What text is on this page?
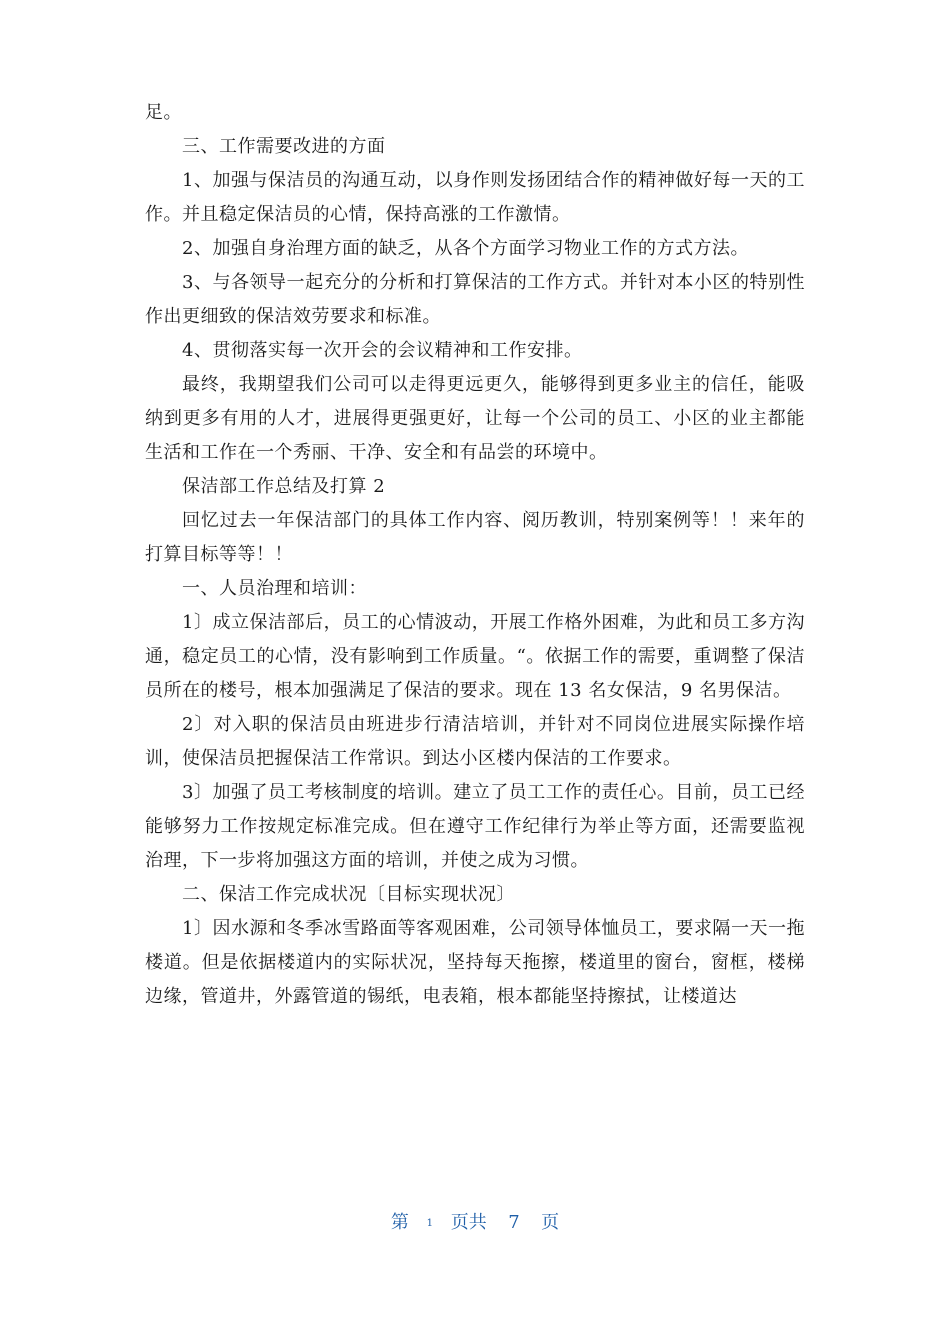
足。

三、工作需要改进的方面

1、加强与保洁员的沟通互动，以身作则发扬团结合作的精神做好每一天的工作。并且稳定保洁员的心情，保持高涨的工作激情。

2、加强自身治理方面的缺乏，从各个方面学习物业工作的方式方法。

3、与各领导一起充分的分析和打算保洁的工作方式。并针对本小区的特别性作出更细致的保洁效劳要求和标准。

4、贯彻落实每一次开会的会议精神和工作安排。

最终，我期望我们公司可以走得更远更久，能够得到更多业主的信任，能吸纳到更多有用的人才，进展得更强更好，让每一个公司的员工、小区的业主都能生活和工作在一个秀丽、干净、安全和有品尝的环境中。

保洁部工作总结及打算 2

回忆过去一年保洁部门的具体工作内容、阅历教训，特别案例等！！来年的打算目标等等！！

一、人员治理和培训：

1〕成立保洁部后，员工的心情波动，开展工作格外困难，为此和员工多方沟通，稳定员工的心情，没有影响到工作质量。“。依据工作的需要，重调整了保洁员所在的楼号，根本加强满足了保洁的要求。现在 13 名女保洁，9 名男保洁。

2〕对入职的保洁员由班进步行清洁培训，并针对不同岗位进展实际操作培训，使保洁员把握保洁工作常识。到达小区楼内保洁的工作要求。

3〕加强了员工考核制度的培训。建立了员工工作的责任心。目前，员工已经能够努力工作按规定标准完成。但在遵守工作纪律行为举止等方面，还需要监视治理，下一步将加强这方面的培训，并使之成为习惯。

二、保洁工作完成状况〔目标实现状况〕

1〕因水源和冬季冰雪路面等客观困难，公司领导体恤员工，要求隔一天一拖楼道。但是依据楼道内的实际状况，坚持每天拖擦，楼道里的窗台，窗框，楼梯边缘，管道井，外露管道的锡纸，电表箱，根本都能坚持擦拭，让楼道达

第 1 页共 7 页
